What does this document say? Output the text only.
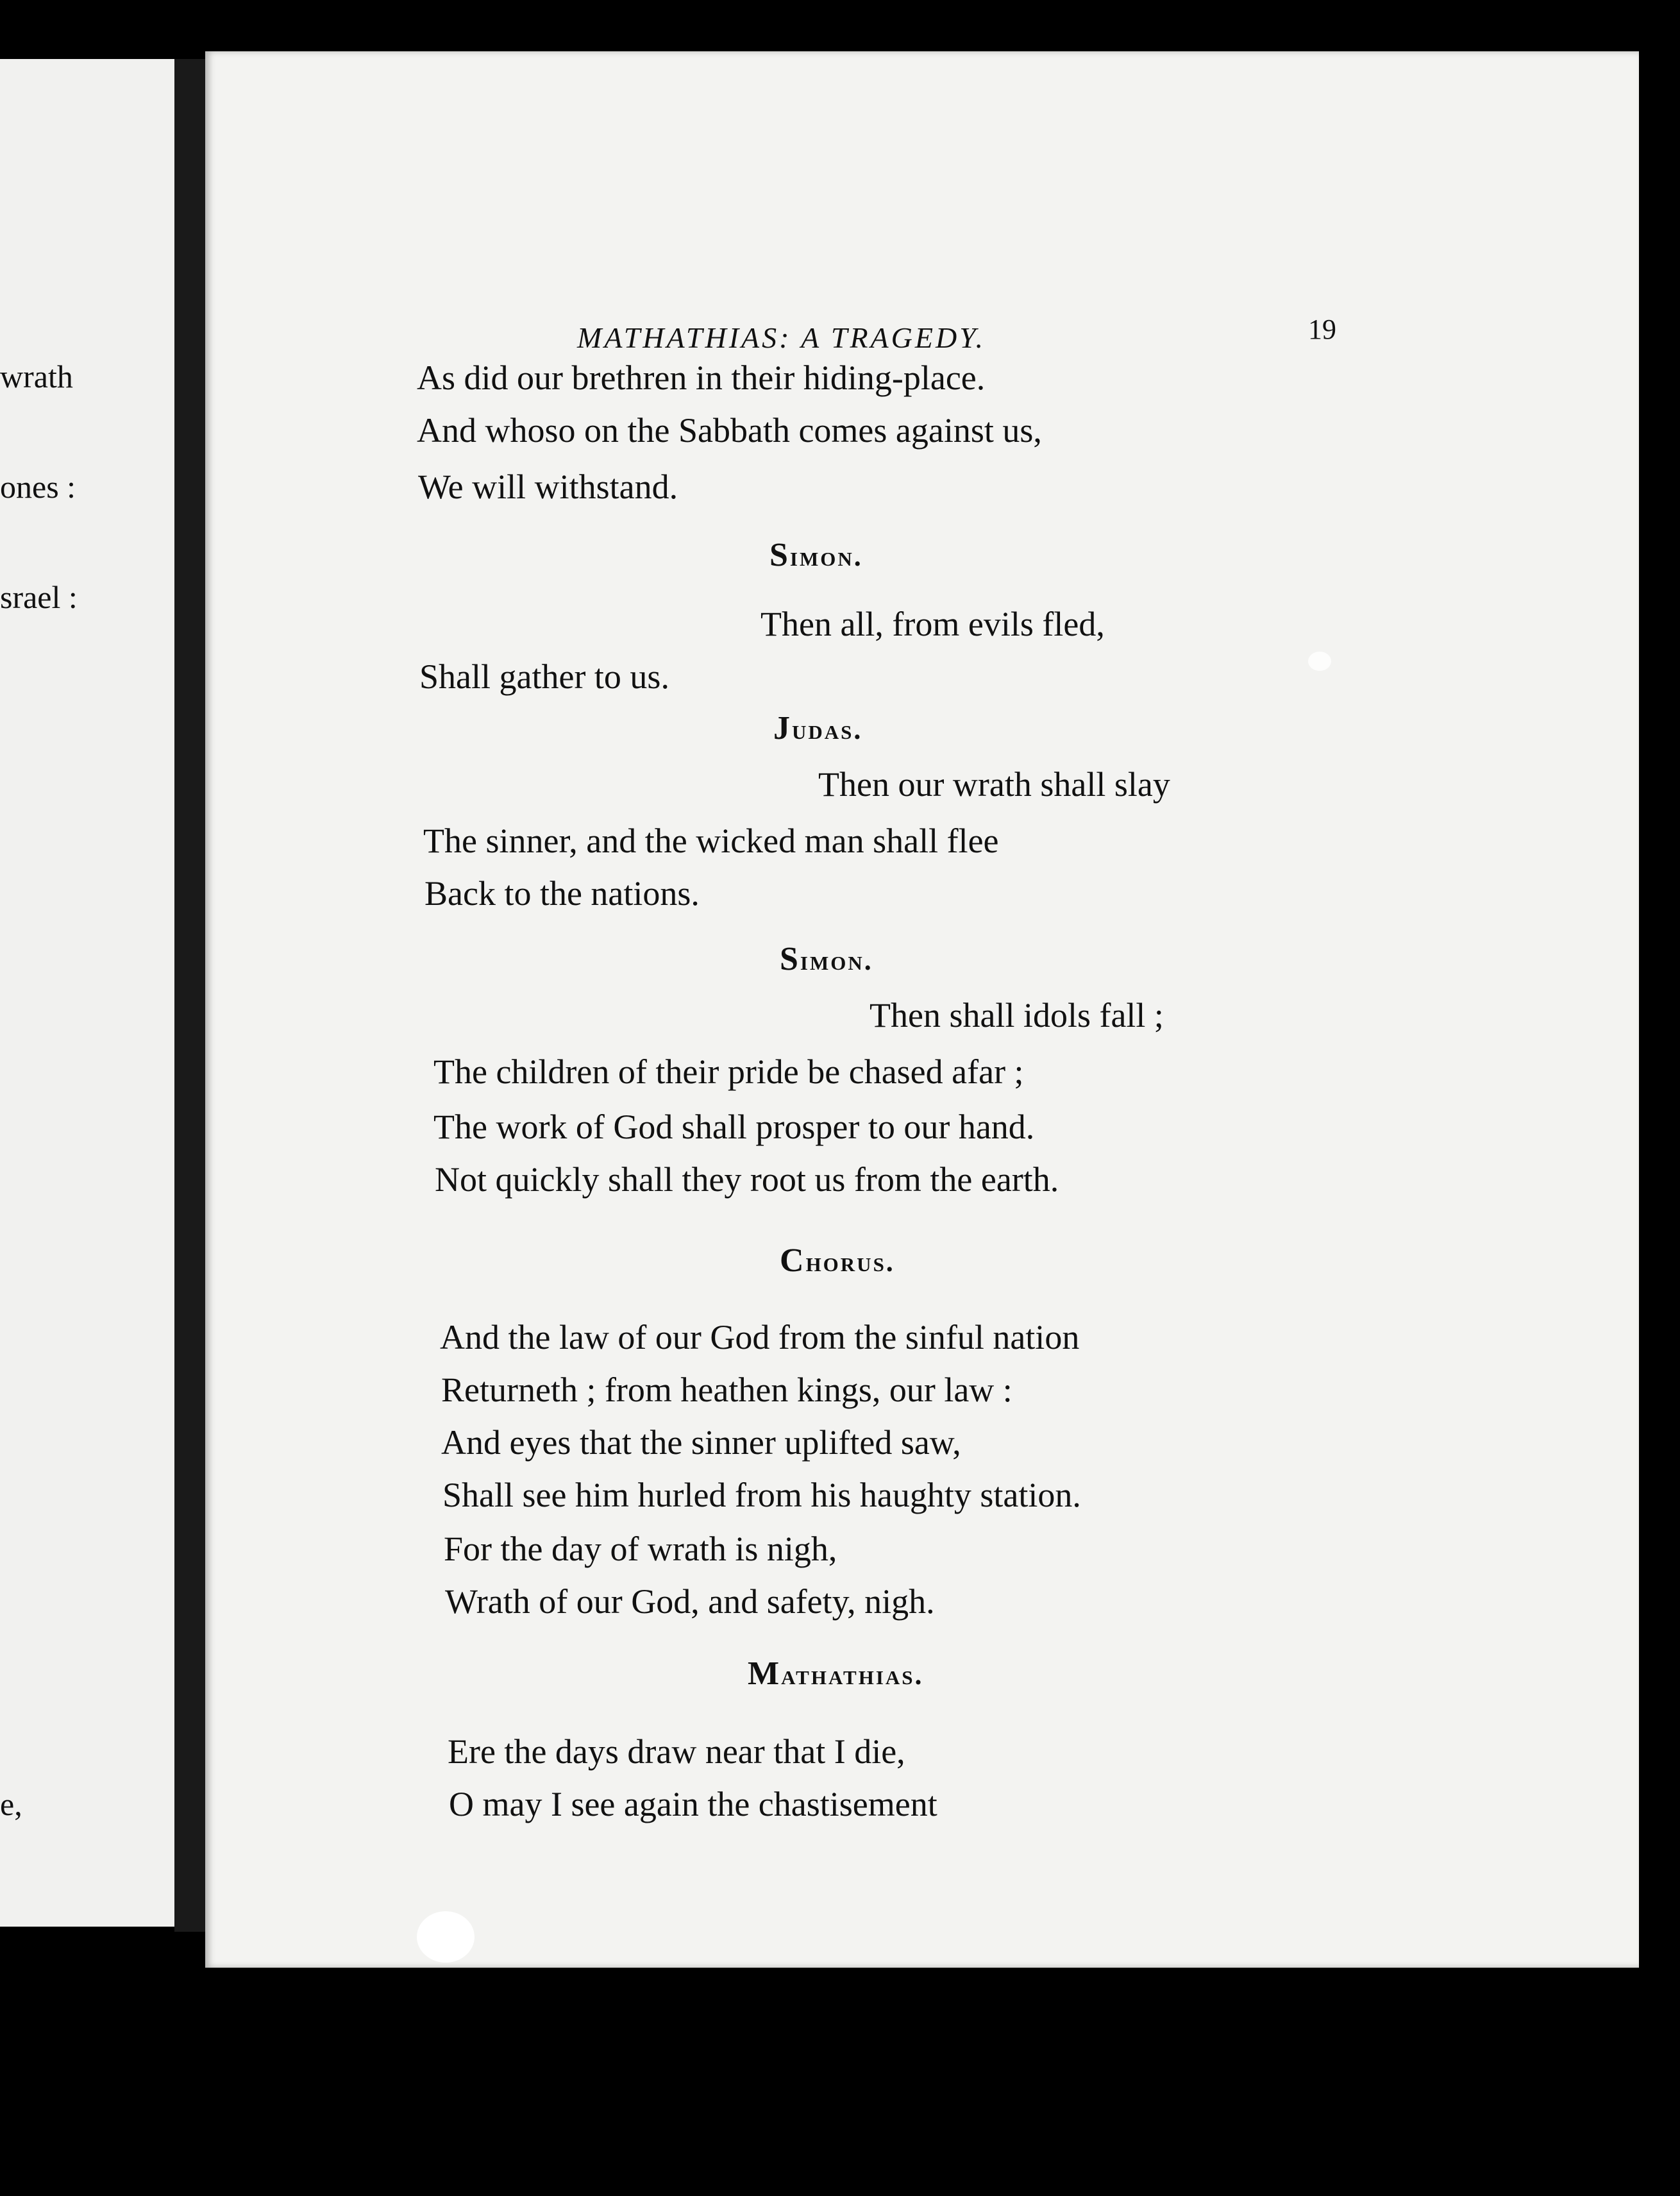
wrath
ones :
srael :
e,
MATHATHIAS: A TRAGEDY.	19
As did our brethren in their hiding-place.
And whoso on the Sabbath comes against us,
We will withstand.
Simon.
Then all, from evils fled,
Shall gather to us.
Judas.
Then our wrath shall slay
The sinner, and the wicked man shall flee
Back to the nations.
Simon.
Then shall idols fall ;
The children of their pride be chased afar ;
The work of God shall prosper to our hand.
Not quickly shall they root us from the earth.
Chorus.
And the law of our God from the sinful nation
Returneth ; from heathen kings, our law :
And eyes that the sinner uplifted saw,
Shall see him hurled from his haughty station.
For the day of wrath is nigh,
Wrath of our God, and safety, nigh.
Mathathias.
Ere the days draw near that I die,
O may I see again the chastisement
